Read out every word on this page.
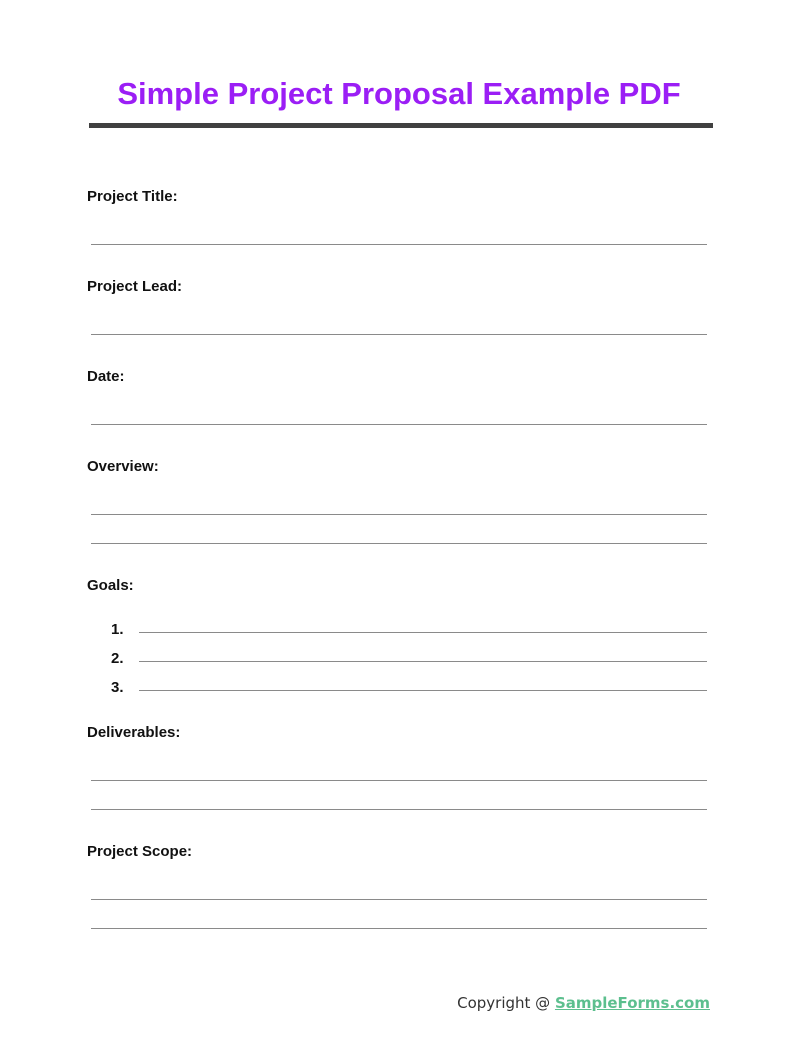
Simple Project Proposal Example PDF
Project Title:
Project Lead:
Date:
Overview:
Goals:
1.
2.
3.
Deliverables:
Project Scope:
Copyright @ SampleForms.com
